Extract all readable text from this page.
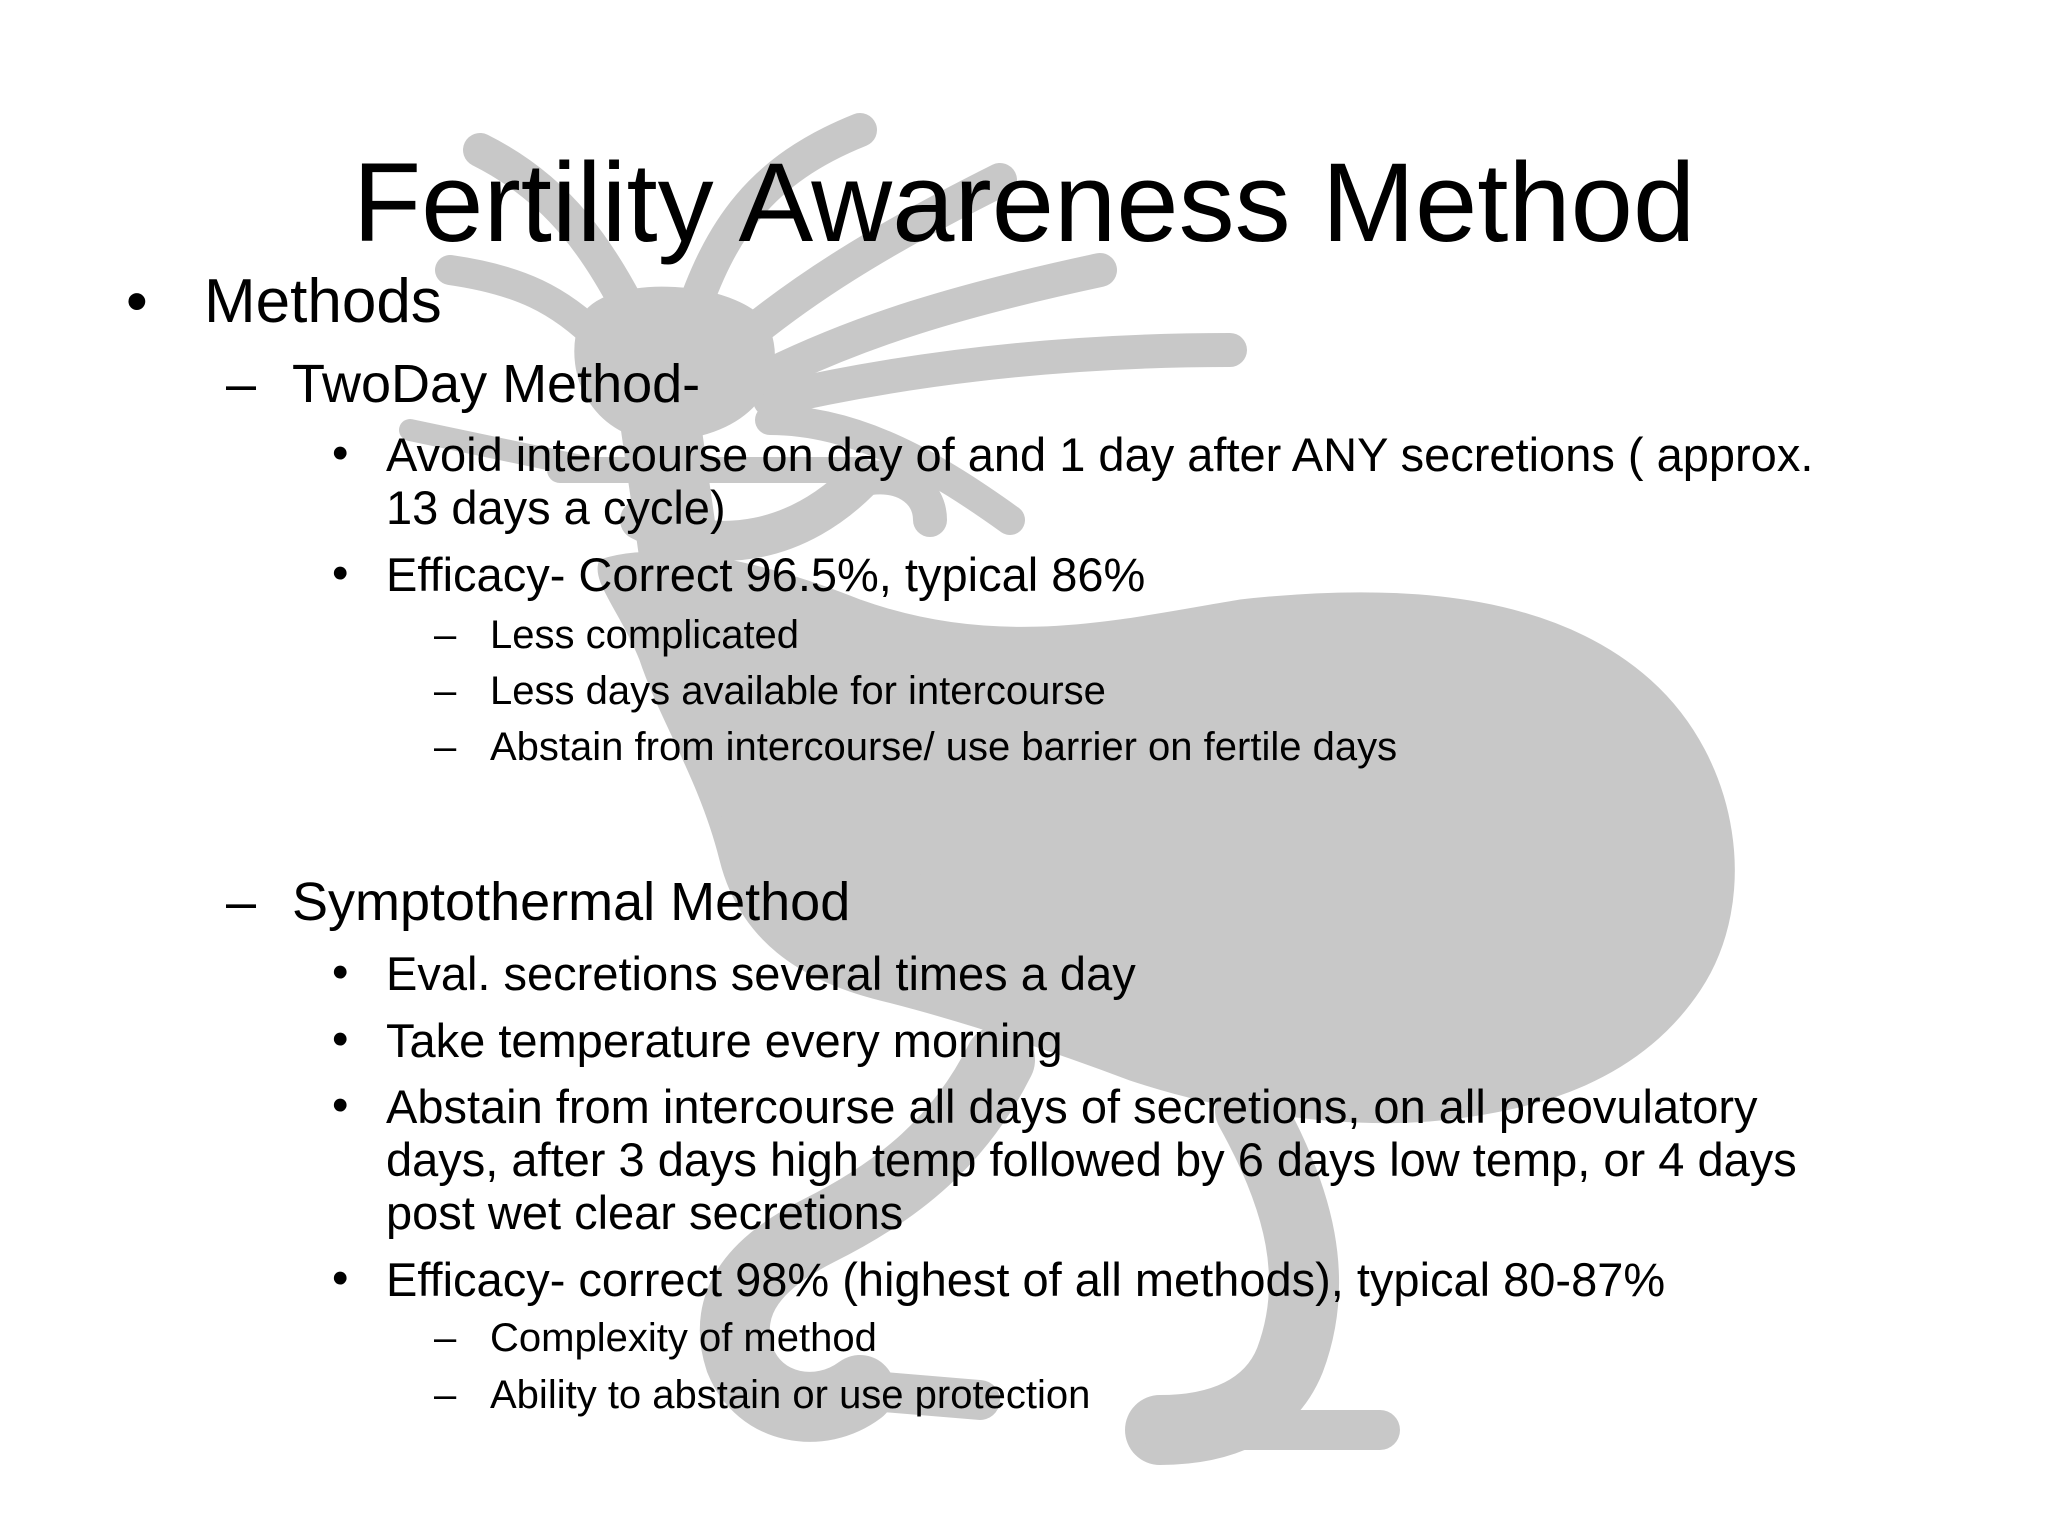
Fertility Awareness Method
• Methods
– TwoDay Method-
• Avoid intercourse on day of and 1 day after ANY secretions ( approx.
13 days a cycle)
• Efficacy- Correct 96.5%, typical 86%
– Less complicated
– Less days available for intercourse
– Abstain from intercourse/ use barrier on fertile days
– Symptothermal Method
• Eval. secretions several times a day
• Take temperature every morning
• Abstain from intercourse all days of secretions, on all preovulatory
days, after 3 days high temp followed by 6 days low temp, or 4 days
post wet clear secretions
• Efficacy- correct 98% (highest of all methods), typical 80-87%
– Complexity of method
– Ability to abstain or use protection
